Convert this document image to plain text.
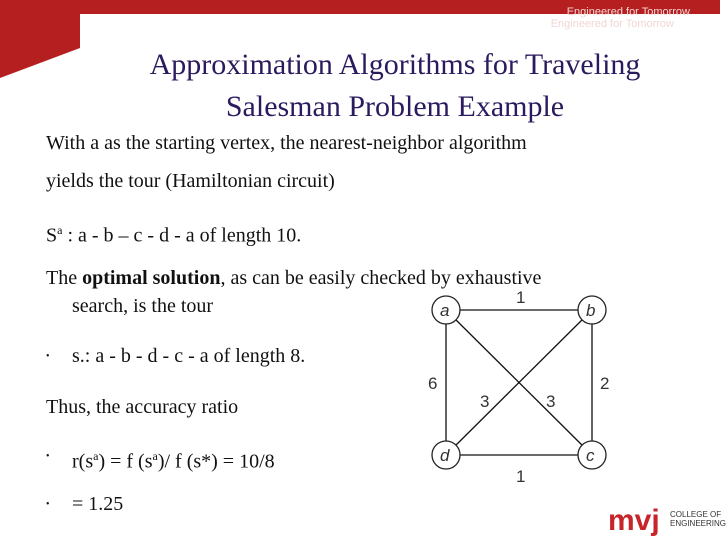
Engineered for Tomorrow
Engineered for Tomorrow
Approximation Algorithms for Traveling
Salesman Problem Example
With a as the starting vertex, the nearest-neighbor algorithm
yields the tour (Hamiltonian circuit)
$S^a$ : a - b – c - d - a of length 10.
The optimal solution, as can be easily checked by exhaustive
search, is the tour
• s.: a - b - d - c - a of length 8.
Thus, the accuracy ratio
• $r(s^a) = f$ $(s^a)/$ f (s*) = 10/8
• = 1.25
1
1
6	2
3	3
a	b
d	c
mvj COLLEGE OF
ENGINEERING
